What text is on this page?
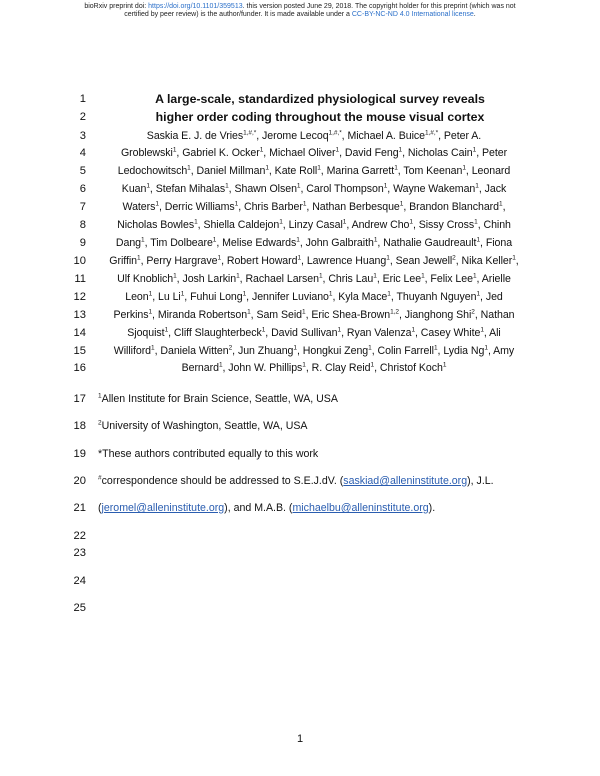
bioRxiv preprint doi: https://doi.org/10.1101/359513. this version posted June 29, 2018. The copyright holder for this preprint (which was not
certified by peer review) is the author/funder. It is made available under a CC-BY-NC-ND 4.0 International license.
1
2
3
4
5
6
7
8
9
10
11
12
13
14
15
16
17
18
19
20
21
22
23
24
25
A large-scale, standardized physiological survey reveals
higher order coding throughout the mouse visual cortex
Saskia E. J. de Vries$^{1,\#,*}$, Jerome Lecoq$^{1,\#,*}$, Michael A. Buice$^{1,\#,*}$, Peter A.
Groblewski$^1$, Gabriel K. Ocker$^1$, Michael Oliver$^1$, David Feng$^1$, Nicholas Cain$^1$, Peter
Ledochowitsch$^1$, Daniel Millman$^1$, Kate Roll$^1$, Marina Garrett$^1$, Tom Keenan$^1$, Leonard
Kuan$^1$, Stefan Mihalas$^1$, Shawn Olsen$^1$, Carol Thompson$^1$, Wayne Wakeman$^1$, Jack
Waters$^1$, Derric Williams$^1$, Chris Barber$^1$, Nathan Berbesque$^1$, Brandon Blanchard$^1$,
Nicholas Bowles$^1$, Shiella Caldejon$^1$, Linzy Casal$^1$, Andrew Cho$^1$, Sissy Cross$^1$, Chinh
Dang$^1$, Tim Dolbeare$^1$, Melise Edwards$^1$, John Galbraith$^1$, Nathalie Gaudreault$^1$, Fiona
Griffin$^1$, Perry Hargrave$^1$, Robert Howard$^1$, Lawrence Huang$^1$, Sean Jewell$^2$, Nika Keller$^1$,
Ulf Knoblich$^1$, Josh Larkin$^1$, Rachael Larsen$^1$, Chris Lau$^1$, Eric Lee$^1$, Felix Lee$^1$, Arielle
Leon$^1$, Lu Li$^1$, Fuhui Long$^1$, Jennifer Luviano$^1$, Kyla Mace$^1$, Thuyanh Nguyen$^1$, Jed
Perkins$^1$, Miranda Robertson$^1$, Sam Seid$^1$, Eric Shea-Brown$^{1,2}$, Jianghong Shi$^2$, Nathan
Sjoquist$^1$, Cliff Slaughterbeck$^1$, David Sullivan$^1$, Ryan Valenza$^1$, Casey White$^1$, Ali
Williford$^1$, Daniela Witten$^2$, Jun Zhuang$^1$, Hongkui Zeng$^1$, Colin Farrell$^1$, Lydia Ng$^1$, Amy
Bernard$^1$, John W. Phillips$^1$, R. Clay Reid$^1$, Christof Koch$^1$
$^1$Allen Institute for Brain Science, Seattle, WA, USA
$^2$University of Washington, Seattle, WA, USA
*These authors contributed equally to this work
#correspondence should be addressed to S.E.J.dV. (saskiad@alleninstitute.org), J.L.
(jeromel@alleninstitute.org), and M.A.B. (michaelbu@alleninstitute.org).
1
